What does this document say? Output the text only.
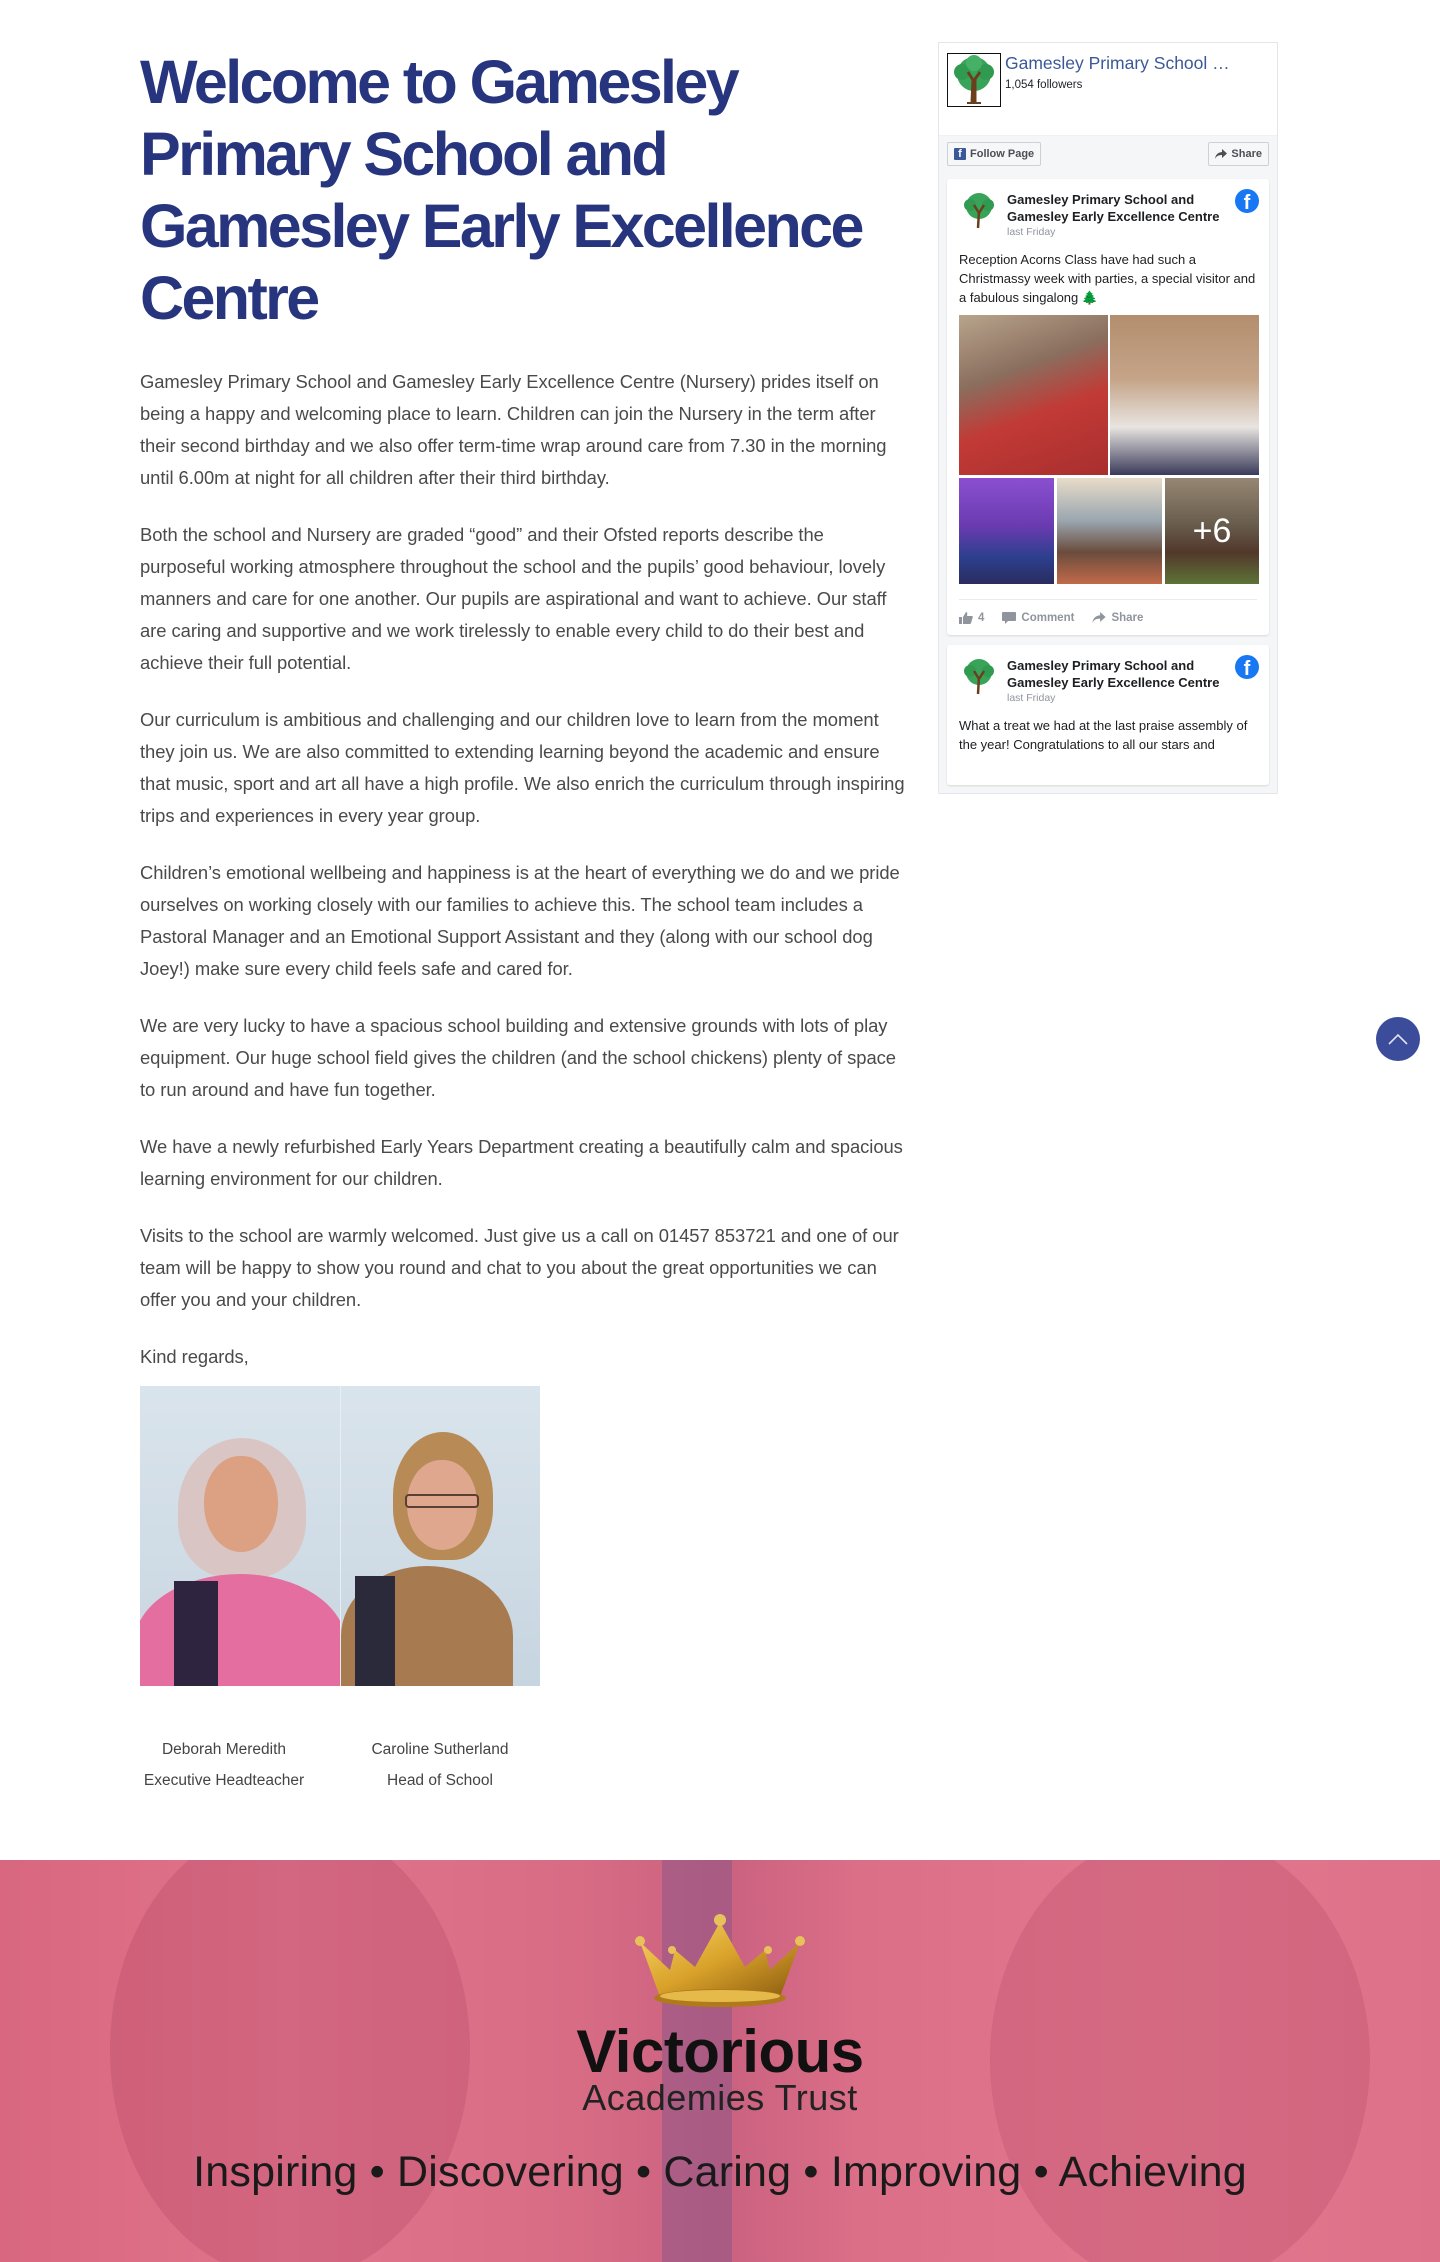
Welcome to Gamesley Primary School and Gamesley Early Excellence Centre

Gamesley Primary School and Gamesley Early Excellence Centre (Nursery) prides itself on being a happy and welcoming place to learn. Children can join the Nursery in the term after their second birthday and we also offer term-time wrap around care from 7.30 in the morning until 6.00m at night for all children after their third birthday.

Both the school and Nursery are graded “good” and their Ofsted reports describe the purposeful working atmosphere throughout the school and the pupils’ good behaviour, lovely manners and care for one another. Our pupils are aspirational and want to achieve. Our staff are caring and supportive and we work tirelessly to enable every child to do their best and achieve their full potential.

Our curriculum is ambitious and challenging and our children love to learn from the moment they join us. We are also committed to extending learning beyond the academic and ensure that music, sport and art all have a high profile. We also enrich the curriculum through inspiring trips and experiences in every year group.

Children’s emotional wellbeing and happiness is at the heart of everything we do and we pride ourselves on working closely with our families to achieve this. The school team includes a Pastoral Manager and an Emotional Support Assistant and they (along with our school dog Joey!) make sure every child feels safe and cared for.

We are very lucky to have a spacious school building and extensive grounds with lots of play equipment. Our huge school field gives the children (and the school chickens) plenty of space to run around and have fun together.

We have a newly refurbished Early Years Department creating a beautifully calm and spacious learning environment for our children.

Visits to the school are warmly welcomed. Just give us a call on 01457 853721 and one of our team will be happy to show you round and chat to you about the great opportunities we can offer you and your children.

Kind regards,

Deborah Meredith
Executive Headteacher
Caroline Sutherland
Head of School
Gamesley Primary School …
1,054 followers
f Follow Page	Share
Gamesley Primary School and Gamesley Early Excellence Centre
last Friday
f
Reception Acorns Class have had such a Christmassy week with parties, a special visitor and a fabulous singalong 🌲
+6
4	Comment	Share
Gamesley Primary School and Gamesley Early Excellence Centre
last Friday
f
What a treat we had at the last praise assembly of the year! Congratulations to all our stars and
Victorious
Academies Trust
Inspiring • Discovering • Caring • Improving • Achieving
